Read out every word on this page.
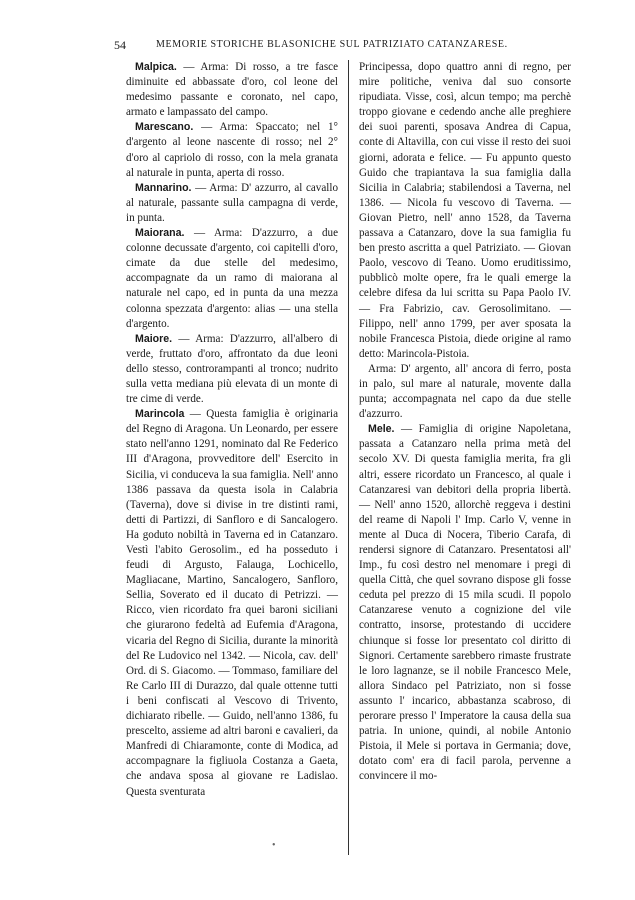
54	MEMORIE STORICHE BLASONICHE SUL PATRIZIATO CATANZARESE.

Malpica. — Arma: Di rosso, a tre fasce diminuite ed abbassate d'oro, col leone del medesimo passante e coronato, nel capo, armato e lampassato del campo.

Marescano. — Arma: Spaccato; nel 1° d'argento al leone nascente di rosso; nel 2° d'oro al capriolo di rosso, con la mela granata al naturale in punta, aperta di rosso.

Mannarino. — Arma: D' azzurro, al cavallo al naturale, passante sulla campagna di verde, in punta.

Maiorana. — Arma: D'azzurro, a due colonne decussate d'argento, coi capitelli d'oro, cimate da due stelle del medesimo, accompagnate da un ramo di maiorana al naturale nel capo, ed in punta da una mezza colonna spezzata d'argento: alias — una stella d'argento.

Maiore. — Arma: D'azzurro, all'albero di verde, fruttato d'oro, affrontato da due leoni dello stesso, controrampanti al tronco; nudrito sulla vetta mediana più elevata di un monte di tre cime di verde.

Marincola — Questa famiglia è originaria del Regno di Aragona. Un Leonardo, per essere stato nell'anno 1291, nominato dal Re Federico III d'Aragona, provveditore dell' Esercito in Sicilia, vi conduceva la sua famiglia. Nell' anno 1386 passava da questa isola in Calabria (Taverna), dove si divise in tre distinti rami, detti di Partizzi, di Sanfloro e di Sancalogero. Ha goduto nobiltà in Taverna ed in Catanzaro. Vestì l'abito Gerosolim., ed ha posseduto i feudi di Argusto, Falauga, Lochicello, Magliacane, Martino, Sancalogero, Sanfloro, Sellia, Soverato ed il ducato di Petrizzi. — Ricco, vien ricordato fra quei baroni siciliani che giurarono fedeltà ad Eufemia d'Aragona, vicaria del Regno di Sicilia, durante la minorità del Re Ludovico nel 1342. — Nicola, cav. dell' Ord. di S. Giacomo. — Tommaso, familiare del Re Carlo III di Durazzo, dal quale ottenne tutti i beni confiscati al Vescovo di Trivento, dichiarato ribelle. — Guido, nell'anno 1386, fu prescelto, assieme ad altri baroni e cavalieri, da Manfredi di Chiaramonte, conte di Modica, ad accompagnare la figliuola Costanza a Gaeta, che andava sposa al giovane re Ladislao. Questa sventurata

Principessa, dopo quattro anni di regno, per mire politiche, veniva dal suo consorte ripudiata. Visse, così, alcun tempo; ma perchè troppo giovane e cedendo anche alle preghiere dei suoi parenti, sposava Andrea di Capua, conte di Altavilla, con cui visse il resto dei suoi giorni, adorata e felice. — Fu appunto questo Guido che trapiantava la sua famiglia dalla Sicilia in Calabria; stabilendosi a Taverna, nel 1386. — Nicola fu vescovo di Taverna. — Giovan Pietro, nell' anno 1528, da Taverna passava a Catanzaro, dove la sua famiglia fu ben presto ascritta a quel Patriziato. — Giovan Paolo, vescovo di Teano. Uomo eruditissimo, pubblicò molte opere, fra le quali emerge la celebre difesa da lui scritta su Papa Paolo IV. — Fra Fabrizio, cav. Gerosolimitano. — Filippo, nell' anno 1799, per aver sposata la nobile Francesca Pistoia, diede origine al ramo detto: Marincola-Pistoia.

Arma: D' argento, all' ancora di ferro, posta in palo, sul mare al naturale, movente dalla punta; accompagnata nel capo da due stelle d'azzurro.

Mele. — Famiglia di origine Napoletana, passata a Catanzaro nella prima metà del secolo XV. Di questa famiglia merita, fra gli altri, essere ricordato un Francesco, al quale i Catanzaresi van debitori della propria libertà. — Nell' anno 1520, allorchè reggeva i destini del reame di Napoli l' Imp. Carlo V, venne in mente al Duca di Nocera, Tiberio Carafa, di rendersi signore di Catanzaro. Presentatosi all' Imp., fu così destro nel menomare i pregi di quella Città, che quel sovrano dispose gli fosse ceduta pel prezzo di 15 mila scudi. Il popolo Catanzarese venuto a cognizione del vile contratto, insorse, protestando di uccidere chiunque si fosse lor presentato col diritto di Signori. Certamente sarebbero rimaste frustrate le loro lagnanze, se il nobile Francesco Mele, allora Sindaco pel Patriziato, non si fosse assunto l' incarico, abbastanza scabroso, di perorare presso l' Imperatore la causa della sua patria. In unione, quindi, al nobile Antonio Pistoia, il Mele si portava in Germania; dove, dotato com' era di facil parola, pervenne a convincere il mo-

•
